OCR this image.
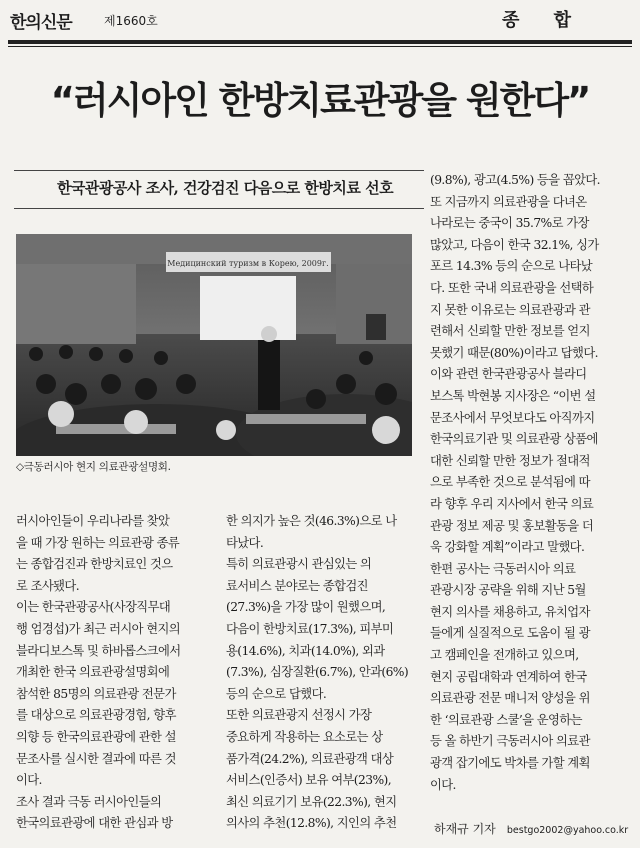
한의신문	제1660호	종 합
“러시아인 한방치료관광을 원한다”
한국관광공사 조사, 건강검진 다음으로 한방치료 선호
Медицинский туризм в Корею, 2009г.
◇극동러시아 현지 의료관광설명회.

러시아인들이 우리나라를 찾았

을 때 가장 원하는 의료관광 종류

는 종합검진과 한방치료인 것으

로 조사됐다.

이는 한국관광공사(사장직무대

행 엄경섭)가 최근 러시아 현지의

블라디보스톡 및 하바롭스크에서

개최한 한국 의료관광설명회에

참석한 85명의 의료관광 전문가

를 대상으로 의료관광경험, 향후

의향 등 한국의료관광에 관한 설

문조사를 실시한 결과에 따른 것

이다.

조사 결과 극동 러시아인들의

한국의료관광에 대한 관심과 방

한 의지가 높은 것(46.3%)으로 나

타났다.

특히 의료관광시 관심있는 의

료서비스 분야로는 종합검진

(27.3%)을 가장 많이 원했으며,

다음이 한방치료(17.3%), 피부미

용(14.6%), 치과(14.0%), 외과

(7.3%), 심장질환(6.7%), 안과(6%)

등의 순으로 답했다.

또한 의료관광지 선정시 가장

중요하게 작용하는 요소로는 상

품가격(24.2%), 의료관광객 대상

서비스(인증서) 보유 여부(23%),

최신 의료기기 보유(22.3%), 현지

의사의 추천(12.8%), 지인의 추천

(9.8%), 광고(4.5%) 등을 꼽았다.

또 지금까지 의료관광을 다녀온

나라로는 중국이 35.7%로 가장

많았고, 다음이 한국 32.1%, 싱가

포르 14.3% 등의 순으로 나타났

다. 또한 국내 의료관광을 선택하

지 못한 이유로는 의료관광과 관

련해서 신뢰할 만한 정보를 얻지

못했기 때문(80%)이라고 답했다.

이와 관련 한국관광공사 블라디

보스톡 박현봉 지사장은 “이번 설

문조사에서 무엇보다도 아직까지

한국의료기관 및 의료관광 상품에

대한 신뢰할 만한 정보가 절대적

으로 부족한 것으로 분석됨에 따

라 향후 우리 지사에서 한국 의료

관광 정보 제공 및 홍보활동을 더

욱 강화할 계획”이라고 말했다.

한편 공사는 극동러시아 의료

관광시장 공략을 위해 지난 5월

현지 의사를 채용하고, 유치업자

들에게 실질적으로 도움이 될 광

고 캠페인을 전개하고 있으며,

현지 공립대학과 연계하여 한국

의료관광 전문 매니저 양성을 위

한 ‘의료관광 스쿨’을 운영하는

등 올 하반기 극동러시아 의료관

광객 잡기에도 박차를 가할 계획

이다.

하재규 기자 bestgo2002@yahoo.co.kr
